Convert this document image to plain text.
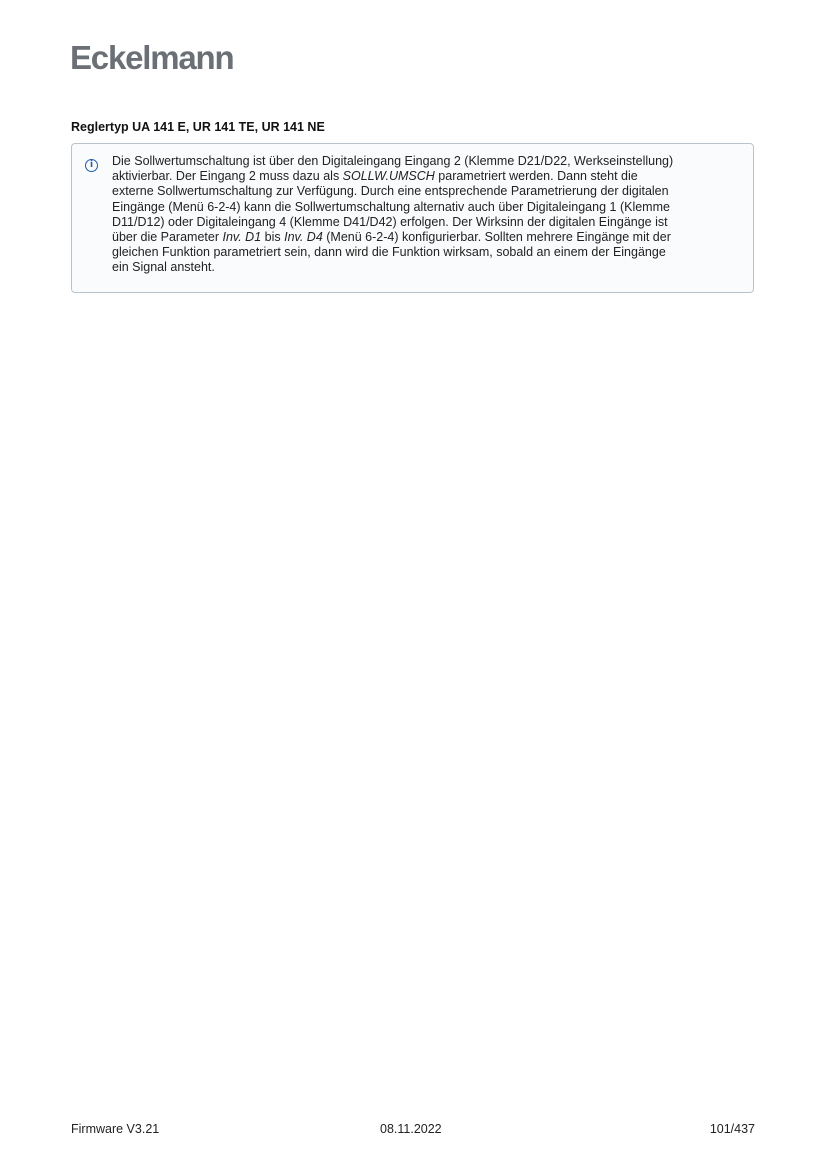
Eckelmann
Reglertyp UA 141 E, UR 141 TE, UR 141 NE
i	Die Sollwertumschaltung ist über den Digitaleingang Eingang 2 (Klemme D21/D22, Werkseinstellung)
aktivierbar. Der Eingang 2 muss dazu als SOLLW.UMSCH parametriert werden. Dann steht die
externe Sollwertumschaltung zur Verfügung. Durch eine entsprechende Parametrierung der digitalen
Eingänge (Menü 6-2-4) kann die Sollwertumschaltung alternativ auch über Digitaleingang 1 (Klemme
D11/D12) oder Digitaleingang 4 (Klemme D41/D42) erfolgen. Der Wirksinn der digitalen Eingänge ist
über die Parameter Inv. D1 bis Inv. D4 (Menü 6-2-4) konfigurierbar. Sollten mehrere Eingänge mit der
gleichen Funktion parametriert sein, dann wird die Funktion wirksam, sobald an einem der Eingänge
ein Signal ansteht.
Firmware V3.21	08.11.2022	101/437
